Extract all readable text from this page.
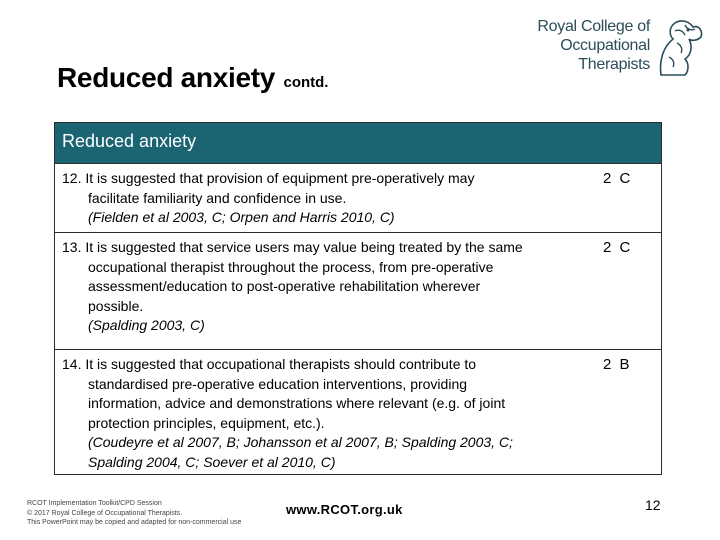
Reduced anxiety contd.
Royal College of
Occupational
Therapists
Reduced anxiety
12. It is suggested that provision of equipment pre-operatively may
facilitate familiarity and confidence in use.
(Fielden et al 2003, C; Orpen and Harris 2010, C)
2 C
13. It is suggested that service users may value being treated by the same
occupational therapist throughout the process, from pre-operative
assessment/education to post-operative rehabilitation wherever
possible.
(Spalding 2003, C)
2 C
14. It is suggested that occupational therapists should contribute to
standardised pre-operative education interventions, providing
information, advice and demonstrations where relevant (e.g. of joint
protection principles, equipment, etc.).
(Coudeyre et al 2007, B; Johansson et al 2007, B; Spalding 2003, C;
Spalding 2004, C; Soever et al 2010, C)
2 B
RCOT Implementation Toolkit/CPD Session
© 2017 Royal College of Occupational Therapists.
This PowerPoint may be copied and adapted for non-commercial use
www.RCOT.org.uk	12
